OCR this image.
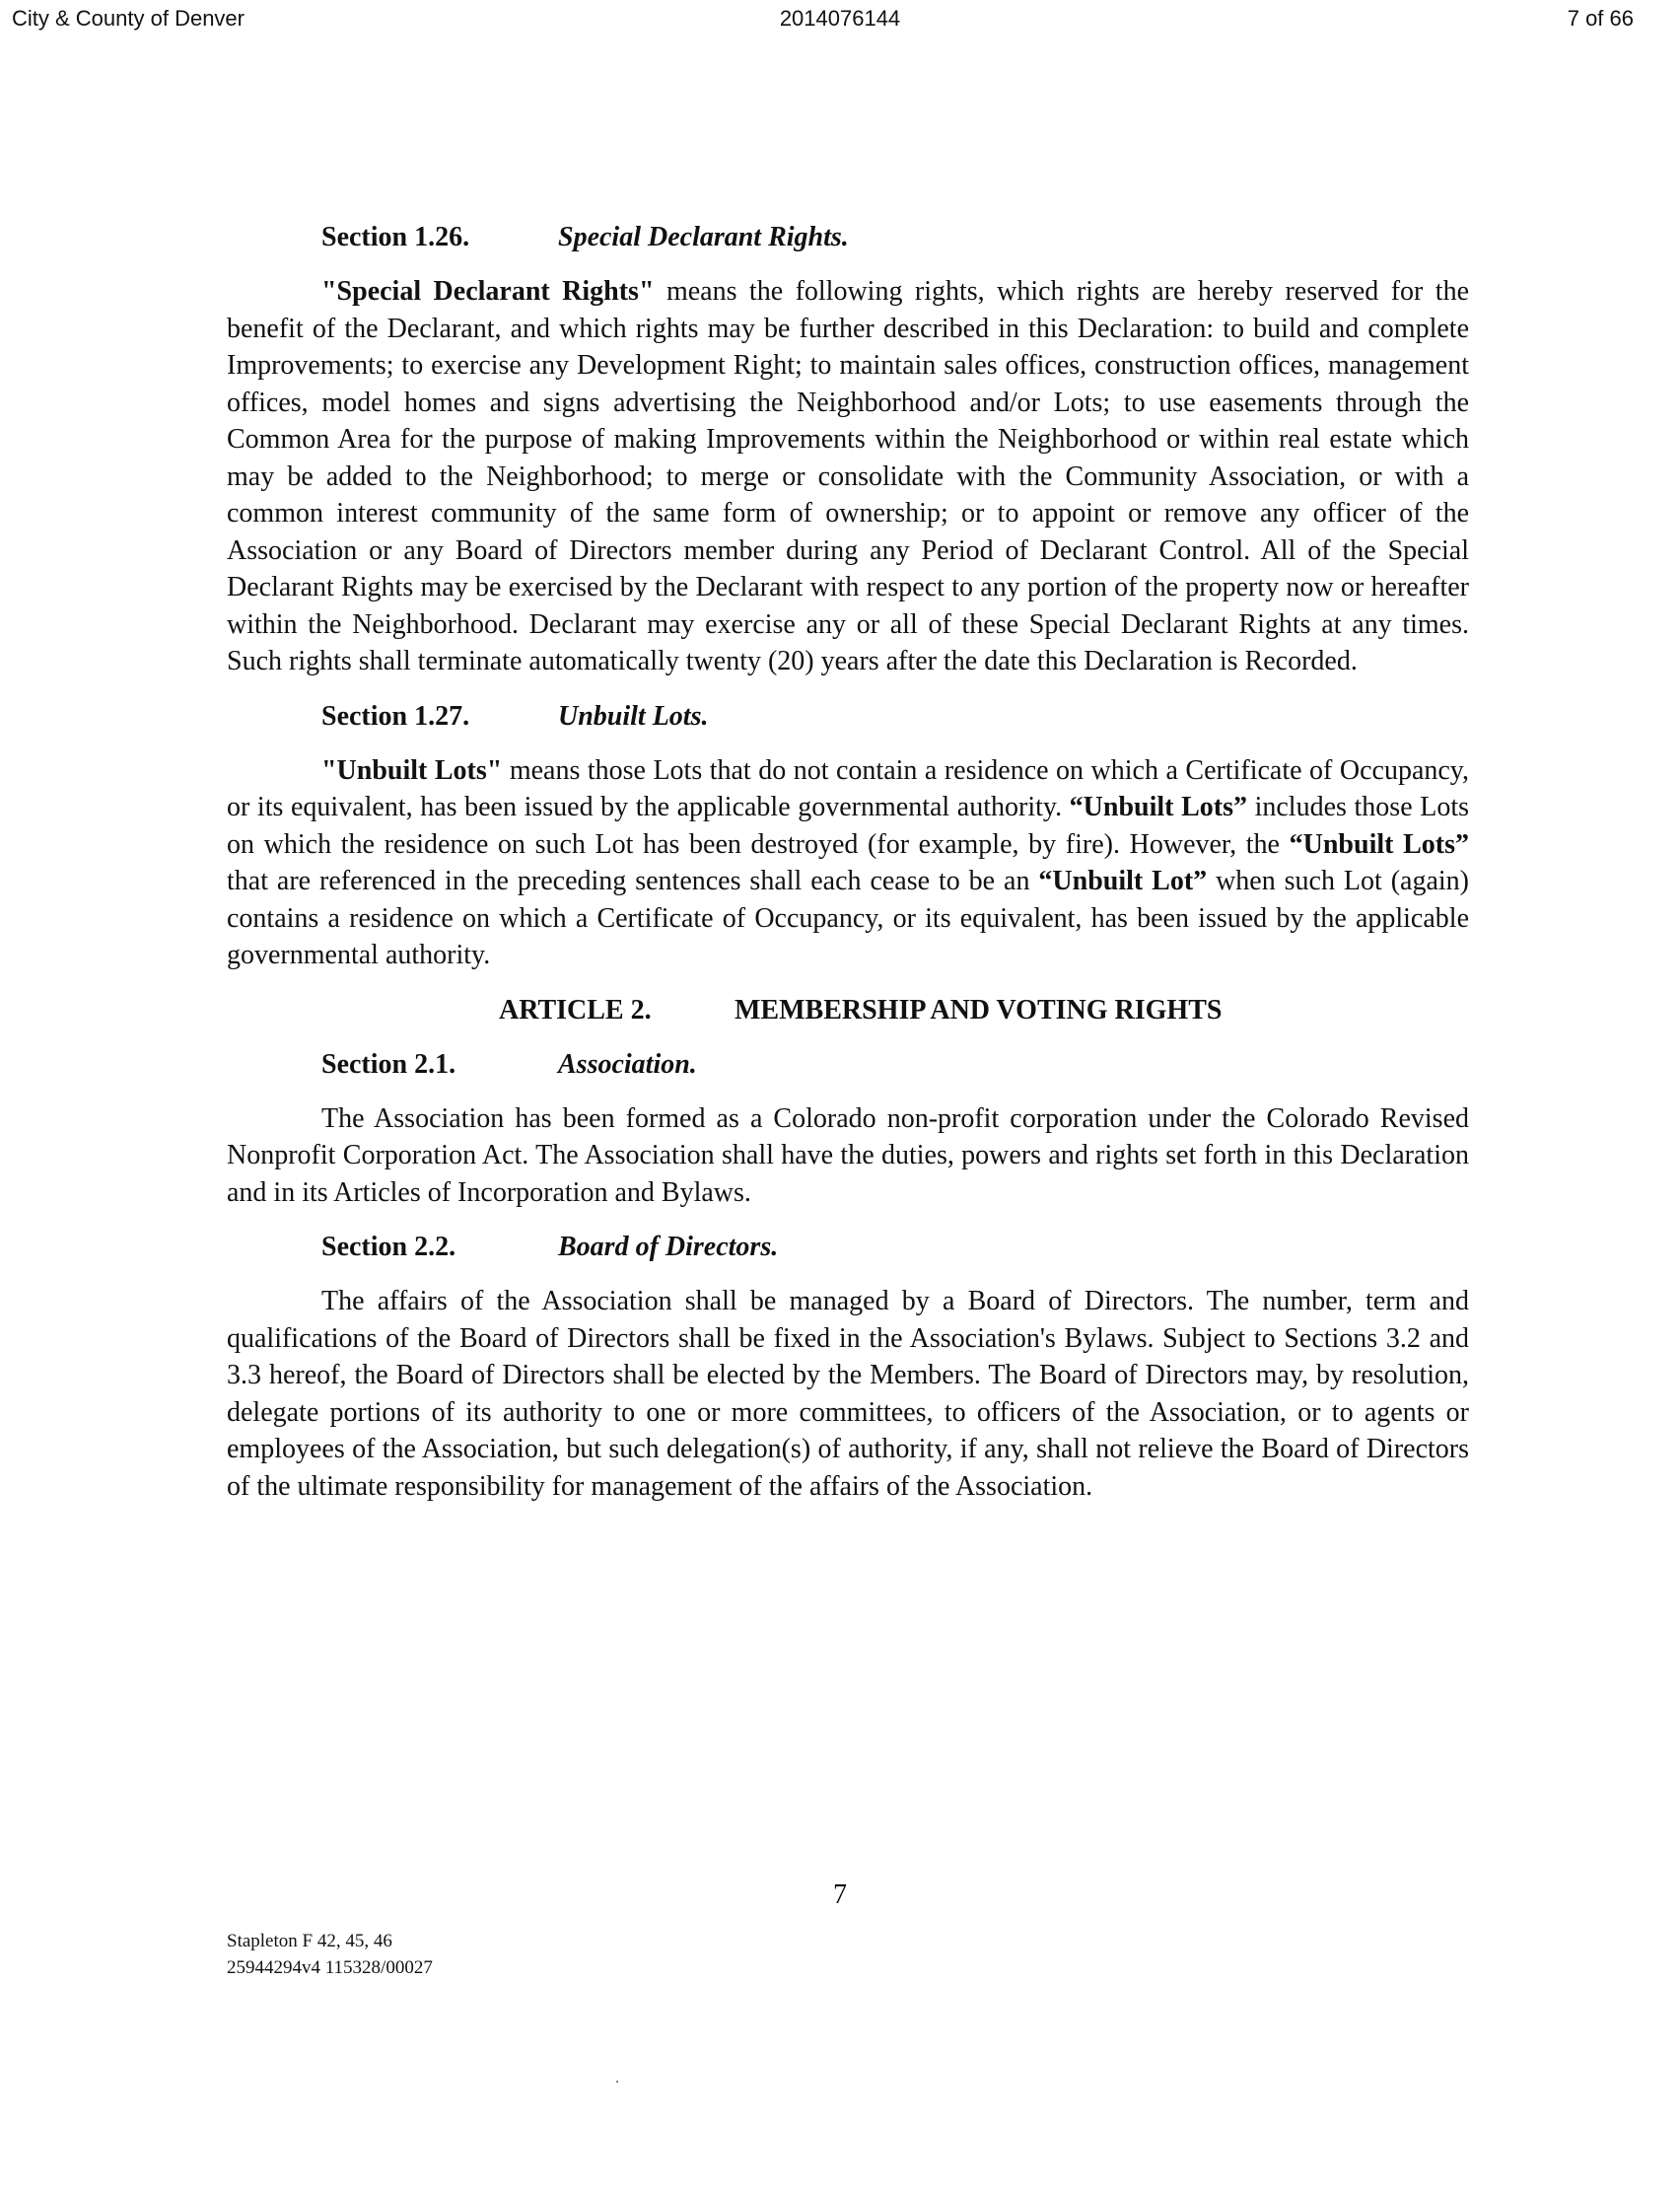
City & County of Denver	2014076144	7 of 66
Section 1.26.	Special Declarant Rights.

"Special Declarant Rights" means the following rights, which rights are hereby reserved for the benefit of the Declarant, and which rights may be further described in this Declaration: to build and complete Improvements; to exercise any Development Right; to maintain sales offices, construction offices, management offices, model homes and signs advertising the Neighborhood and/or Lots; to use easements through the Common Area for the purpose of making Improvements within the Neighborhood or within real estate which may be added to the Neighborhood; to merge or consolidate with the Community Association, or with a common interest community of the same form of ownership; or to appoint or remove any officer of the Association or any Board of Directors member during any Period of Declarant Control. All of the Special Declarant Rights may be exercised by the Declarant with respect to any portion of the property now or hereafter within the Neighborhood. Declarant may exercise any or all of these Special Declarant Rights at any times. Such rights shall terminate automatically twenty (20) years after the date this Declaration is Recorded.

Section 1.27.	Unbuilt Lots.

"Unbuilt Lots" means those Lots that do not contain a residence on which a Certificate of Occupancy, or its equivalent, has been issued by the applicable governmental authority. “Unbuilt Lots” includes those Lots on which the residence on such Lot has been destroyed (for example, by fire). However, the “Unbuilt Lots” that are referenced in the preceding sentences shall each cease to be an “Unbuilt Lot” when such Lot (again) contains a residence on which a Certificate of Occupancy, or its equivalent, has been issued by the applicable governmental authority.

ARTICLE 2.	MEMBERSHIP AND VOTING RIGHTS
Section 2.1.	Association.

The Association has been formed as a Colorado non-profit corporation under the Colorado Revised Nonprofit Corporation Act. The Association shall have the duties, powers and rights set forth in this Declaration and in its Articles of Incorporation and Bylaws.

Section 2.2.	Board of Directors.

The affairs of the Association shall be managed by a Board of Directors. The number, term and qualifications of the Board of Directors shall be fixed in the Association's Bylaws. Subject to Sections 3.2 and 3.3 hereof, the Board of Directors shall be elected by the Members. The Board of Directors may, by resolution, delegate portions of its authority to one or more committees, to officers of the Association, or to agents or employees of the Association, but such delegation(s) of authority, if any, shall not relieve the Board of Directors of the ultimate responsibility for management of the affairs of the Association.

7
Stapleton F 42, 45, 46
25944294v4 115328/00027
